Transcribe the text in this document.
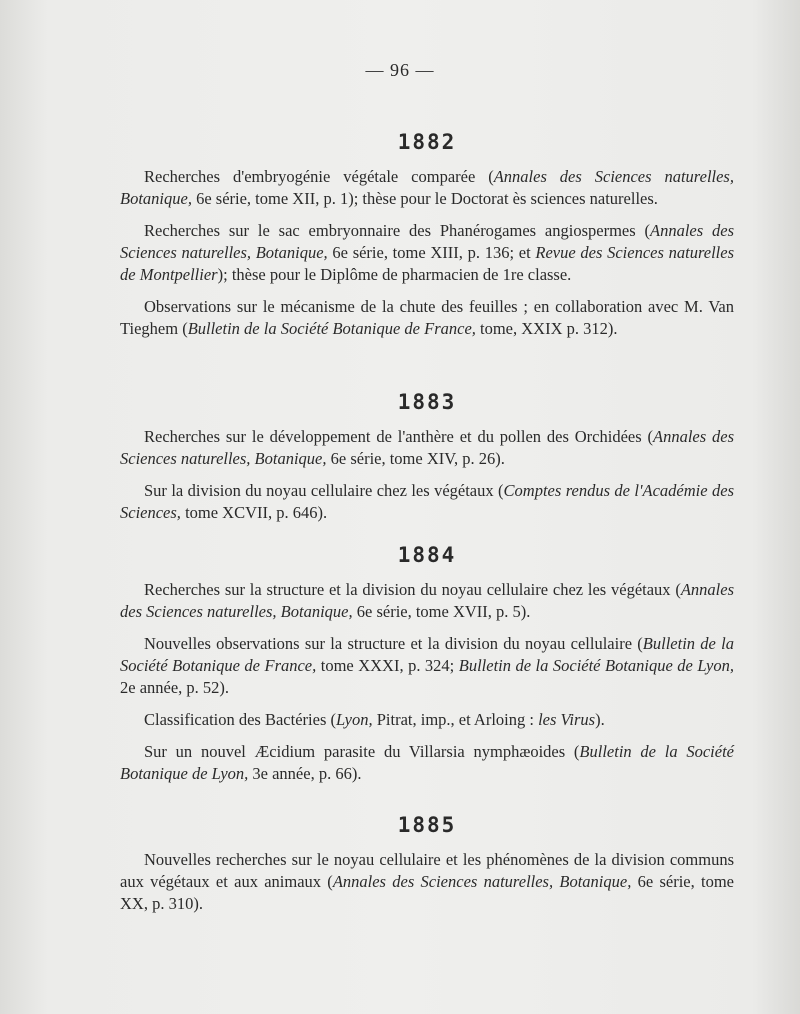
— 96 —

1882

Recherches d'embryogénie végétale comparée (Annales des Sciences naturelles, Botanique, 6e série, tome XII, p. 1); thèse pour le Doctorat ès sciences naturelles.

Recherches sur le sac embryonnaire des Phanérogames angiospermes (Annales des Sciences naturelles, Botanique, 6e série, tome XIII, p. 136; et Revue des Sciences naturelles de Montpellier); thèse pour le Diplôme de pharmacien de 1re classe.

Observations sur le mécanisme de la chute des feuilles ; en collaboration avec M. Van Tieghem (Bulletin de la Société Botanique de France, tome, XXIX p. 312).

1883

Recherches sur le développement de l'anthère et du pollen des Orchidées (Annales des Sciences naturelles, Botanique, 6e série, tome XIV, p. 26).

Sur la division du noyau cellulaire chez les végétaux (Comptes rendus de l'Académie des Sciences, tome XCVII, p. 646).

1884

Recherches sur la structure et la division du noyau cellulaire chez les végétaux (Annales des Sciences naturelles, Botanique, 6e série, tome XVII, p. 5).

Nouvelles observations sur la structure et la division du noyau cellulaire (Bulletin de la Société Botanique de France, tome XXXI, p. 324; Bulletin de la Société Botanique de Lyon, 2e année, p. 52).

Classification des Bactéries (Lyon, Pitrat, imp., et Arloing : les Virus).

Sur un nouvel Æcidium parasite du Villarsia nymphæoides (Bulletin de la Société Botanique de Lyon, 3e année, p. 66).

1885

Nouvelles recherches sur le noyau cellulaire et les phénomènes de la division communs aux végétaux et aux animaux (Annales des Sciences naturelles, Botanique, 6e série, tome XX, p. 310).
